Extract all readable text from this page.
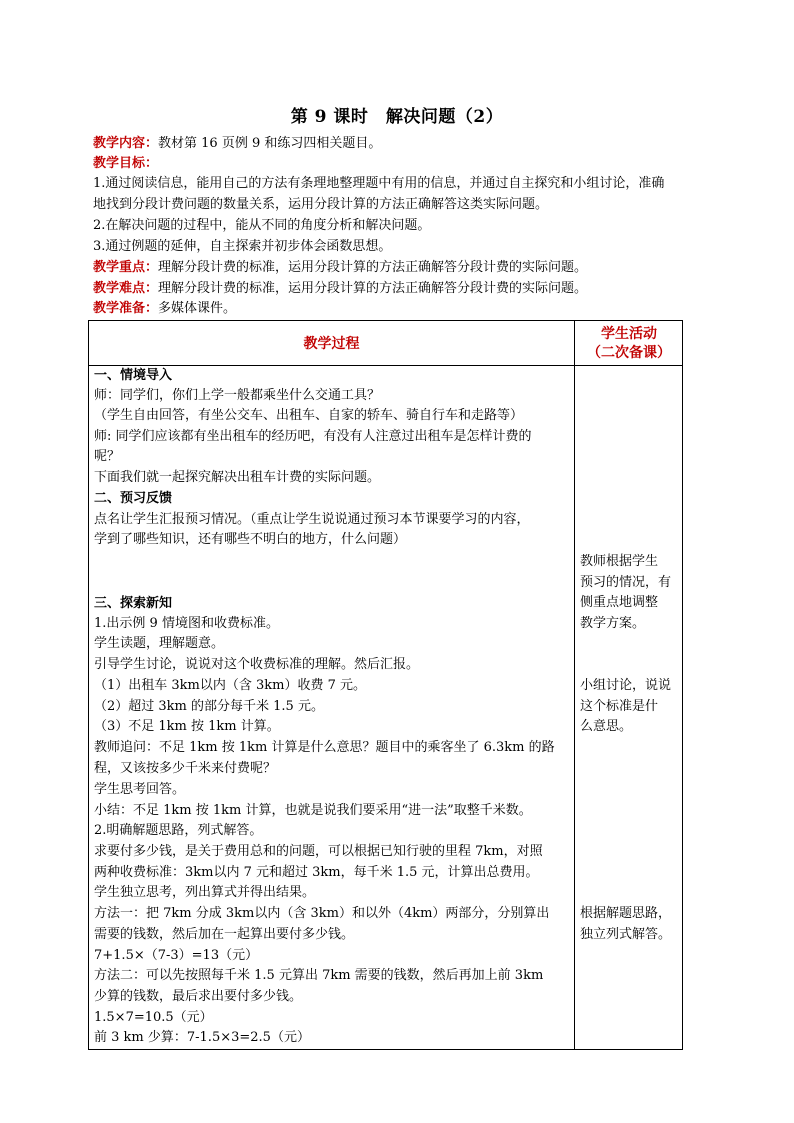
第 9 课时　解决问题（2）
教学内容：教材第 16 页例 9 和练习四相关题目。
教学目标：
1.通过阅读信息，能用自己的方法有条理地整理题中有用的信息，并通过自主探究和小组讨论，准确
地找到分段计费问题的数量关系，运用分段计算的方法正确解答这类实际问题。
2.在解决问题的过程中，能从不同的角度分析和解决问题。
3.通过例题的延伸，自主探索并初步体会函数思想。
教学重点：理解分段计费的标准，运用分段计算的方法正确解答分段计费的实际问题。
教学难点：理解分段计费的标准，运用分段计算的方法正确解答分段计费的实际问题。
教学准备：多媒体课件。
教学过程
学生活动
（二次备课）
一、情境导入
师：同学们，你们上学一般都乘坐什么交通工具？
（学生自由回答，有坐公交车、出租车、自家的轿车、骑自行车和走路等）
师: 同学们应该都有坐出租车的经历吧，有没有人注意过出租车是怎样计费的
呢？
下面我们就一起探究解决出租车计费的实际问题。
二、预习反馈
点名让学生汇报预习情况。（重点让学生说说通过预习本节课要学习的内容，
学到了哪些知识，还有哪些不明白的地方，什么问题）
三、探索新知
1.出示例 9 情境图和收费标准。
学生读题，理解题意。
引导学生讨论，说说对这个收费标准的理解。然后汇报。
（1）出租车 3km以内（含 3km）收费 7 元。
（2）超过 3km 的部分每千米 1.5 元。
（3）不足 1km 按 1km 计算。
教师追问：不足 1km 按 1km 计算是什么意思？题目中的乘客坐了 6.3km 的路
程，又该按多少千米来付费呢？
学生思考回答。
小结：不足 1km 按 1km 计算，也就是说我们要采用“进一法”取整千米数。
2.明确解题思路，列式解答。
求要付多少钱，是关于费用总和的问题，可以根据已知行驶的里程 7km，对照
两种收费标准：3km以内 7 元和超过 3km，每千米 1.5 元，计算出总费用。
学生独立思考，列出算式并得出结果。
方法一：把 7km 分成 3km以内（含 3km）和以外（4km）两部分，分别算出
需要的钱数，然后加在一起算出要付多少钱。
7+1.5×（7-3）=13（元）
方法二：可以先按照每千米 1.5 元算出 7km 需要的钱数，然后再加上前 3km
少算的钱数，最后求出要付多少钱。
1.5×7=10.5（元）
前 3 km 少算：7-1.5×3=2.5（元）
教师根据学生
预习的情况，有
侧重点地调整
教学方案。
小组讨论，说说
这个标准是什
么意思。
根据解题思路，
独立列式解答。
